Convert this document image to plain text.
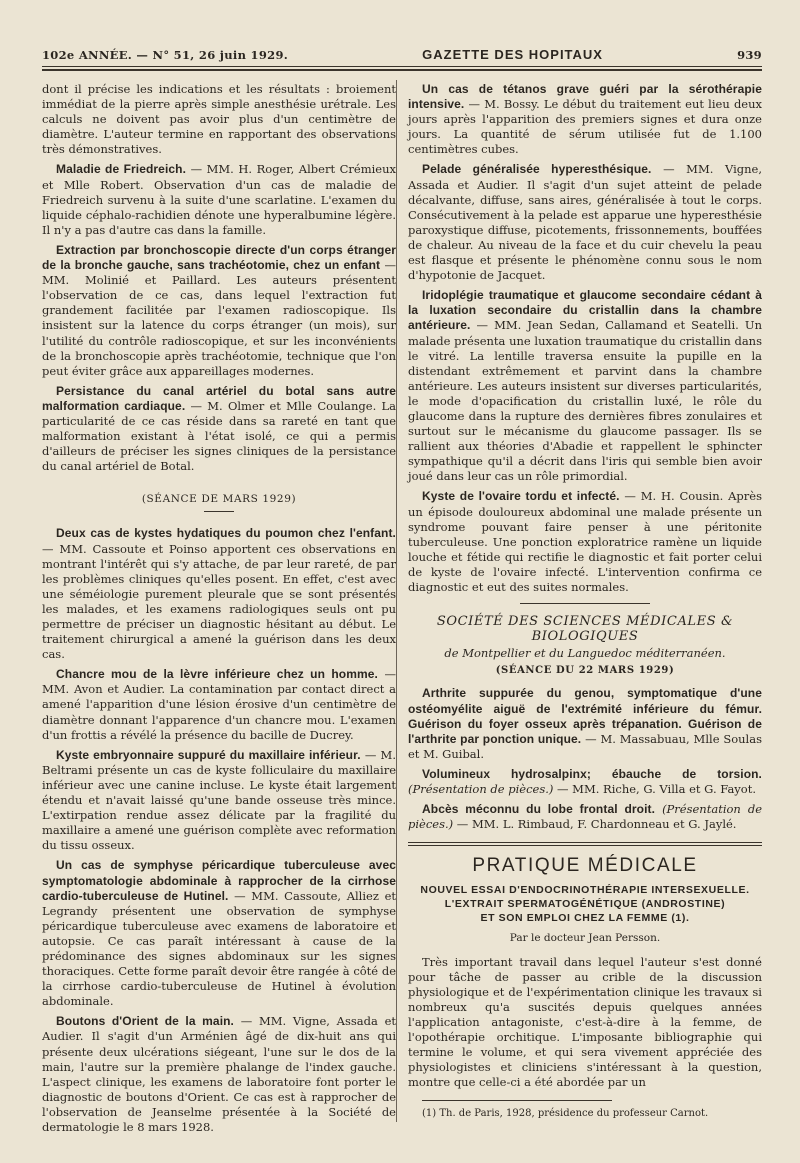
102e ANNÉE. — N° 51, 26 juin 1929.	GAZETTE DES HOPITAUX	939

dont il précise les indications et les résultats : broiement immédiat de la pierre après simple anesthésie urétrale. Les calculs ne doivent pas avoir plus d'un centimètre de diamètre. L'auteur termine en rapportant des observations très démonstratives.

Maladie de Friedreich. — MM. H. Roger, Albert Crémieux et Mlle Robert. Observation d'un cas de maladie de Friedreich survenu à la suite d'une scarlatine. L'examen du liquide céphalo-rachidien dénote une hyperalbumine légère. Il n'y a pas d'autre cas dans la famille.

Extraction par bronchoscopie directe d'un corps étranger de la bronche gauche, sans trachéotomie, chez un enfant — MM. Molinié et Paillard. Les auteurs présentent l'observation de ce cas, dans lequel l'extraction fut grandement facilitée par l'examen radioscopique. Ils insistent sur la latence du corps étranger (un mois), sur l'utilité du contrôle radioscopique, et sur les inconvénients de la bronchoscopie après trachéotomie, technique que l'on peut éviter grâce aux appareillages modernes.

Persistance du canal artériel du botal sans autre malformation cardiaque. — M. Olmer et Mlle Coulange. La particularité de ce cas réside dans sa rareté en tant que malformation existant à l'état isolé, ce qui a permis d'ailleurs de préciser les signes cliniques de la persistance du canal artériel de Botal.

(SÉANCE DE MARS 1929)

Deux cas de kystes hydatiques du poumon chez l'enfant. — MM. Cassoute et Poinso apportent ces observations en montrant l'intérêt qui s'y attache, de par leur rareté, de par les problèmes cliniques qu'elles posent. En effet, c'est avec une séméiologie purement pleurale que se sont présentés les malades, et les examens radiologiques seuls ont pu permettre de préciser un diagnostic hésitant au début. Le traitement chirurgical a amené la guérison dans les deux cas.

Chancre mou de la lèvre inférieure chez un homme. — MM. Avon et Audier. La contamination par contact direct a amené l'apparition d'une lésion érosive d'un centimètre de diamètre donnant l'apparence d'un chancre mou. L'examen d'un frottis a révélé la présence du bacille de Ducrey.

Kyste embryonnaire suppuré du maxillaire inférieur. — M. Beltrami présente un cas de kyste folliculaire du maxillaire inférieur avec une canine incluse. Le kyste était largement étendu et n'avait laissé qu'une bande osseuse très mince. L'extirpation rendue assez délicate par la fragilité du maxillaire a amené une guérison complète avec reformation du tissu osseux.

Un cas de symphyse péricardique tuberculeuse avec symptomatologie abdominale à rapprocher de la cirrhose cardio-tuberculeuse de Hutinel. — MM. Cassoute, Alliez et Legrandy présentent une observation de symphyse péricardique tuberculeuse avec examens de laboratoire et autopsie. Ce cas paraît intéressant à cause de la prédominance des signes abdominaux sur les signes thoraciques. Cette forme paraît devoir être rangée à côté de la cirrhose cardio-tuberculeuse de Hutinel à évolution abdominale.

Boutons d'Orient de la main. — MM. Vigne, Assada et Audier. Il s'agit d'un Arménien âgé de dix-huit ans qui présente deux ulcérations siégeant, l'une sur le dos de la main, l'autre sur la première phalange de l'index gauche. L'aspect clinique, les examens de laboratoire font porter le diagnostic de boutons d'Orient. Ce cas est à rapprocher de l'observation de Jeanselme présentée à la Société de dermatologie le 8 mars 1928.

Un cas de tétanos grave guéri par la sérothérapie intensive. — M. Bossy. Le début du traitement eut lieu deux jours après l'apparition des premiers signes et dura onze jours. La quantité de sérum utilisée fut de 1.100 centimètres cubes.

Pelade généralisée hyperesthésique. — MM. Vigne, Assada et Audier. Il s'agit d'un sujet atteint de pelade décalvante, diffuse, sans aires, généralisée à tout le corps. Consécutivement à la pelade est apparue une hyperesthésie paroxystique diffuse, picotements, frissonnements, bouffées de chaleur. Au niveau de la face et du cuir chevelu la peau est flasque et présente le phénomène connu sous le nom d'hypotonie de Jacquet.

Iridoplégie traumatique et glaucome secondaire cédant à la luxation secondaire du cristallin dans la chambre antérieure. — MM. Jean Sedan, Callamand et Seatelli. Un malade présenta une luxation traumatique du cristallin dans le vitré. La lentille traversa ensuite la pupille en la distendant extrêmement et parvint dans la chambre antérieure. Les auteurs insistent sur diverses particularités, le mode d'opacification du cristallin luxé, le rôle du glaucome dans la rupture des dernières fibres zonulaires et surtout sur le mécanisme du glaucome passager. Ils se rallient aux théories d'Abadie et rappellent le sphincter sympathique qu'il a décrit dans l'iris qui semble bien avoir joué dans leur cas un rôle primordial.

Kyste de l'ovaire tordu et infecté. — M. H. Cousin. Après un épisode douloureux abdominal une malade présente un syndrome pouvant faire penser à une péritonite tuberculeuse. Une ponction exploratrice ramène un liquide louche et fétide qui rectifie le diagnostic et fait porter celui de kyste de l'ovaire infecté. L'intervention confirma ce diagnostic et eut des suites normales.

SOCIÉTÉ DES SCIENCES MÉDICALES & BIOLOGIQUES
de Montpellier et du Languedoc méditerranéen.
(SÉANCE DU 22 MARS 1929)

Arthrite suppurée du genou, symptomatique d'une ostéomyélite aiguë de l'extrémité inférieure du fémur. Guérison du foyer osseux après trépanation. Guérison de l'arthrite par ponction unique. — M. Massabuau, Mlle Soulas et M. Guibal.

Volumineux hydrosalpinx; ébauche de torsion. (Présentation de pièces.) — MM. Riche, G. Villa et G. Fayot.

Abcès méconnu du lobe frontal droit. (Présentation de pièces.) — MM. L. Rimbaud, F. Chardonneau et G. Jaylé.

PRATIQUE MÉDICALE
NOUVEL ESSAI D'ENDOCRINOTHÉRAPIE INTERSEXUELLE.
L'EXTRAIT SPERMATOGÉNÉTIQUE (ANDROSTINE)
ET SON EMPLOI CHEZ LA FEMME (1).
Par le docteur Jean Persson.

Très important travail dans lequel l'auteur s'est donné pour tâche de passer au crible de la discussion physiologique et de l'expérimentation clinique les travaux si nombreux qu'a suscités depuis quelques années l'application antagoniste, c'est-à-dire à la femme, de l'opothérapie orchitique. L'imposante bibliographie qui termine le volume, et qui sera vivement appréciée des physiologistes et cliniciens s'intéressant à la question, montre que celle-ci a été abordée par un

(1) Th. de Paris, 1928, présidence du professeur Carnot.
